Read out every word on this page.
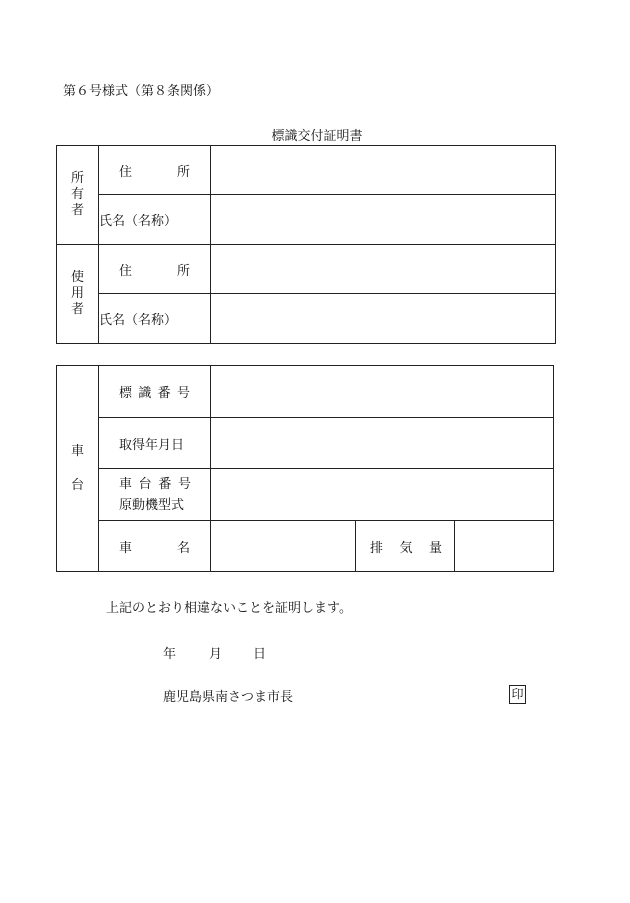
第６号様式（第８条関係）
標識交付証明書
所
有
者	住 所	

	氏名（名称）	

使
用
者	住 所	

	氏名（名称）	
車
台	標 識 番 号			

	取得年月日			

	車 台 番 号
原動機型式			

	車 名		排 気 量	

上記のとおり相違ないことを証明します。
年	月 日
鹿児島県南さつま市長	印
